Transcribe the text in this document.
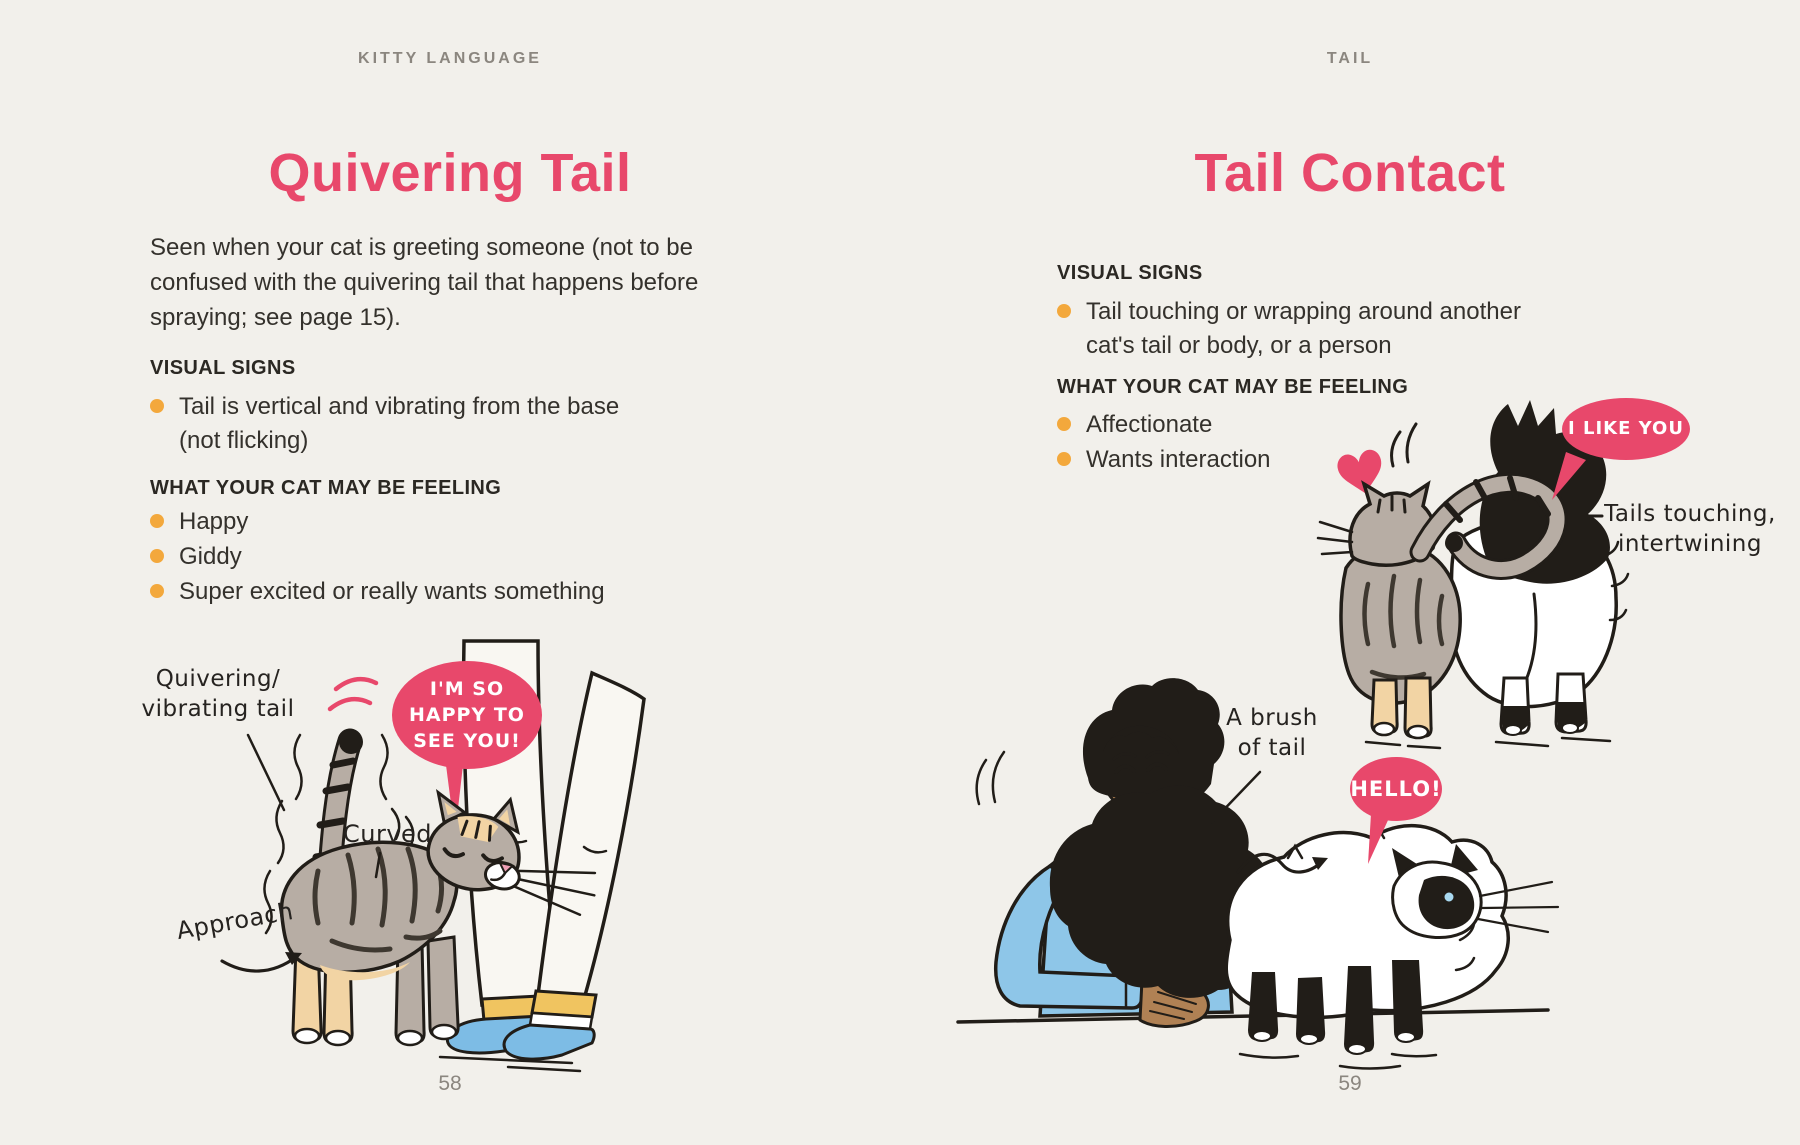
KITTY LANGUAGE
Quivering Tail
Seen when your cat is greeting someone (not to be
confused with the quivering tail that happens before
spraying; see page 15).
VISUAL SIGNS
Tail is vertical and vibrating from the base
(not flicking)
WHAT YOUR CAT MAY BE FEELING
Happy
Giddy
Super excited or really wants something
TAIL
Tail Contact
VISUAL SIGNS
Tail touching or wrapping around another
cat's tail or body, or a person
WHAT YOUR CAT MAY BE FEELING
Affectionate
Wants interaction
Quivering/
vibrating tail
Curved
Approach
Tails touching,
intertwining
A brush
of tail
I'M SO
HAPPY TO
SEE YOU!
I LIKE YOU
HELLO!
58	59
